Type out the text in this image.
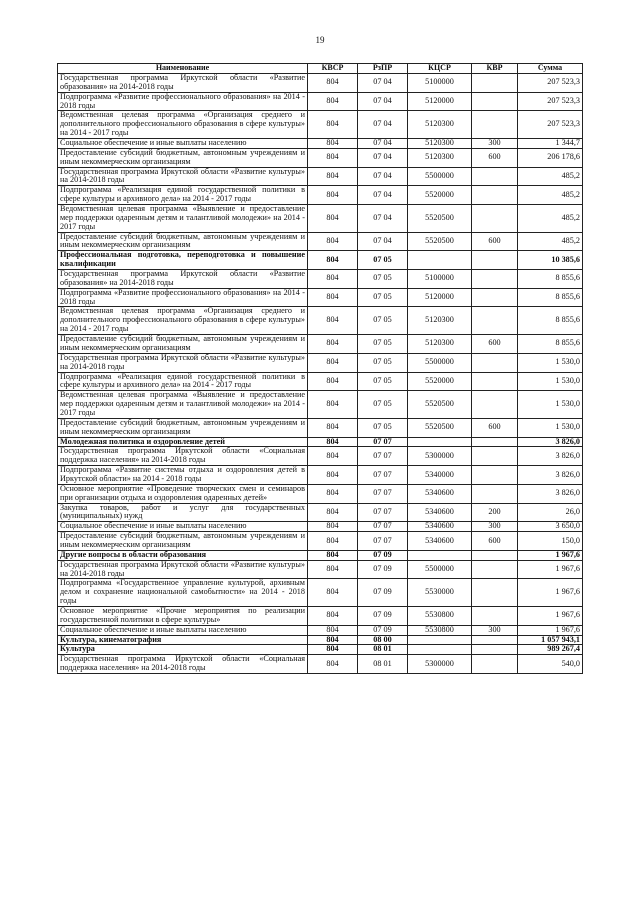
19
Наименование	КВСР	РзПР	КЦСР	КВР	Сумма
Государственная программа Иркутской области «Развитие образования» на 2014-2018 годы	804	07 04	5100000		207 523,3
Подпрограмма «Развитие профессионального образования» на 2014 - 2018 годы	804	07 04	5120000		207 523,3
Ведомственная целевая программа «Организация среднего и дополнительного профессионального образования в сфере культуры» на 2014 - 2017 годы	804	07 04	5120300		207 523,3
Социальное обеспечение и иные выплаты населению	804	07 04	5120300	300	1 344,7
Предоставление субсидий бюджетным, автономным учреждениям и иным некоммерческим организациям	804	07 04	5120300	600	206 178,6
Государственная программа Иркутской области «Развитие культуры» на 2014-2018 годы	804	07 04	5500000		485,2
Подпрограмма «Реализация единой государственной политики в сфере культуры и архивного дела» на 2014 - 2017 годы	804	07 04	5520000		485,2
Ведомственная целевая программа «Выявление и предоставление мер поддержки одаренным детям и талантливой молодежи» на 2014 - 2017 годы	804	07 04	5520500		485,2
Предоставление субсидий бюджетным, автономным учреждениям и иным некоммерческим организациям	804	07 04	5520500	600	485,2
Профессиональная подготовка, переподготовка и повышение квалификации	804	07 05			10 385,6
Государственная программа Иркутской области «Развитие образования» на 2014-2018 годы	804	07 05	5100000		8 855,6
Подпрограмма «Развитие профессионального образования» на 2014 - 2018 годы	804	07 05	5120000		8 855,6
Ведомственная целевая программа «Организация среднего и дополнительного профессионального образования в сфере культуры» на 2014 - 2017 годы	804	07 05	5120300		8 855,6
Предоставление субсидий бюджетным, автономным учреждениям и иным некоммерческим организациям	804	07 05	5120300	600	8 855,6
Государственная программа Иркутской области «Развитие культуры» на 2014-2018 годы	804	07 05	5500000		1 530,0
Подпрограмма «Реализация единой государственной политики в сфере культуры и архивного дела» на 2014 - 2017 годы	804	07 05	5520000		1 530,0
Ведомственная целевая программа «Выявление и предоставление мер поддержки одаренным детям и талантливой молодежи» на 2014 - 2017 годы	804	07 05	5520500		1 530,0
Предоставление субсидий бюджетным, автономным учреждениям и иным некоммерческим организациям	804	07 05	5520500	600	1 530,0
Молодежная политика и оздоровление детей	804	07 07			3 826,0
Государственная программа Иркутской области «Социальная поддержка населения» на 2014-2018 годы	804	07 07	5300000		3 826,0
Подпрограмма «Развитие системы отдыха и оздоровления детей в Иркутской области» на 2014 - 2018 годы	804	07 07	5340000		3 826,0
Основное мероприятие «Проведение творческих смен и семинаров при организации отдыха и оздоровления одаренных детей»	804	07 07	5340600		3 826,0
Закупка товаров, работ и услуг для государственных (муниципальных) нужд	804	07 07	5340600	200	26,0
Социальное обеспечение и иные выплаты населению	804	07 07	5340600	300	3 650,0
Предоставление субсидий бюджетным, автономным учреждениям и иным некоммерческим организациям	804	07 07	5340600	600	150,0
Другие вопросы в области образования	804	07 09			1 967,6
Государственная программа Иркутской области «Развитие культуры» на 2014-2018 годы	804	07 09	5500000		1 967,6
Подпрограмма «Государственное управление культурой, архивным делом и сохранение национальной самобытности» на 2014 - 2018 годы	804	07 09	5530000		1 967,6
Основное мероприятие «Прочие мероприятия по реализации государственной политики в сфере культуры»	804	07 09	5530800		1 967,6
Социальное обеспечение и иные выплаты населению	804	07 09	5530800	300	1 967,6
Культура, кинематография	804	08 00			1 057 943,1
Культура	804	08 01			989 267,4
Государственная программа Иркутской области «Социальная поддержка населения» на 2014-2018 годы	804	08 01	5300000		540,0
